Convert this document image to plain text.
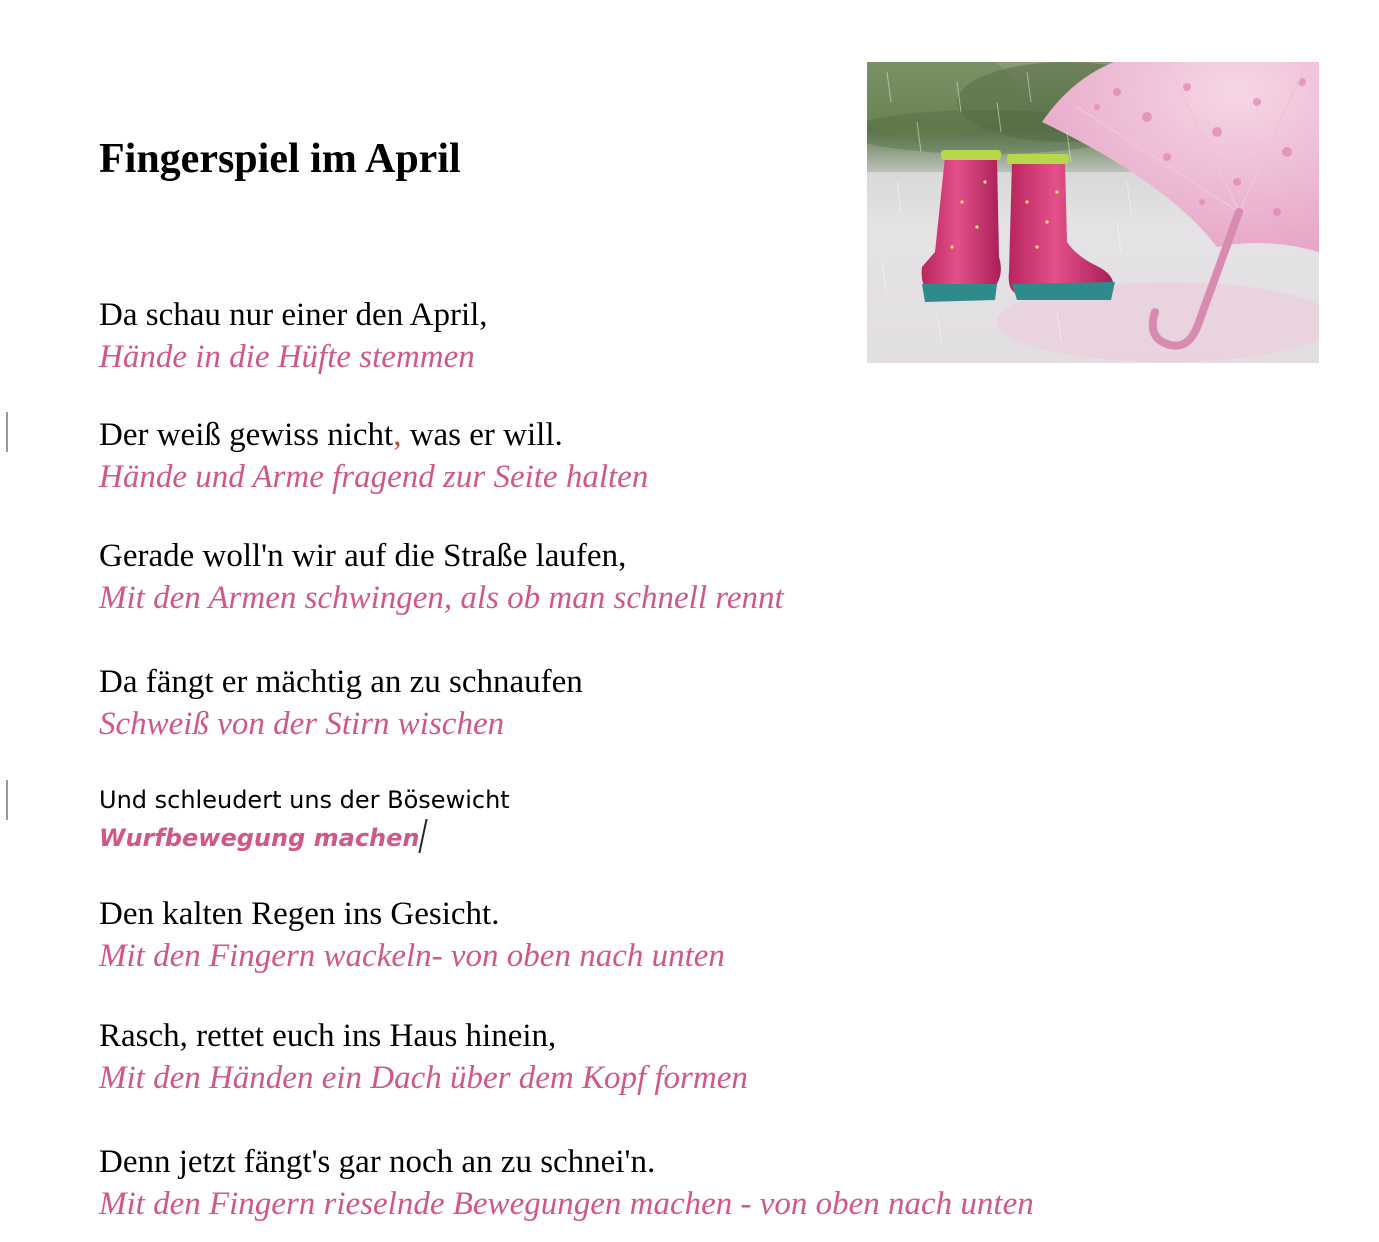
Fingerspiel im April
Da schau nur einer den April,
Hände in die Hüfte stemmen
Der weiß gewiss nicht, was er will.
Hände und Arme fragend zur Seite halten
Gerade woll'n wir auf die Straße laufen,
Mit den Armen schwingen, als ob man schnell rennt
Da fängt er mächtig an zu schnaufen
Schweiß von der Stirn wischen
Und schleudert uns der Bösewicht
Wurfbewegung machen
Den kalten Regen ins Gesicht.
Mit den Fingern wackeln- von oben nach unten
Rasch, rettet euch ins Haus hinein,
Mit den Händen ein Dach über dem Kopf formen
Denn jetzt fängt's gar noch an zu schnei'n.
Mit den Fingern rieselnde Bewegungen machen - von oben nach unten
